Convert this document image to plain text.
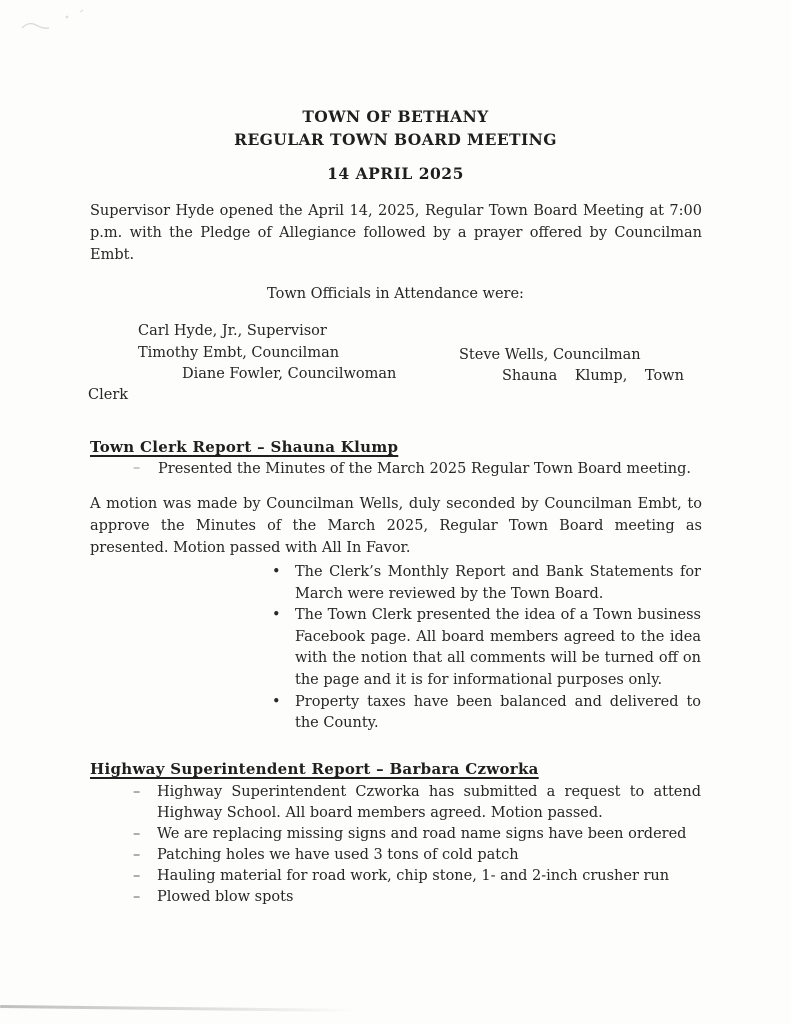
TOWN OF BETHANY
REGULAR TOWN BOARD MEETING
14 APRIL 2025

Supervisor Hyde opened the April 14, 2025, Regular Town Board Meeting at 7:00 p.m. with the Pledge of Allegiance followed by a prayer offered by Councilman Embt.

Town Officials in Attendance were:
Carl Hyde, Jr., Supervisor
Timothy Embt, Councilman	Steve Wells, Councilman
Diane Fowler, Councilwoman	Shauna Klump, Town
Clerk
Town Clerk Report – Shauna Klump
– Presented the Minutes of the March 2025 Regular Town Board meeting.

A motion was made by Councilman Wells, duly seconded by Councilman Embt, to approve the Minutes of the March 2025, Regular Town Board meeting as presented. Motion passed with All In Favor.

• The Clerk’s Monthly Report and Bank Statements for March were reviewed by the Town Board.
• The Town Clerk presented the idea of a Town business Facebook page. All board members agreed to the idea with the notion that all comments will be turned off on the page and it is for informational purposes only.
• Property taxes have been balanced and delivered to the County.
Highway Superintendent Report – Barbara Czworka
– Highway Superintendent Czworka has submitted a request to attend Highway School. All board members agreed. Motion passed.
– We are replacing missing signs and road name signs have been ordered
– Patching holes we have used 3 tons of cold patch
– Hauling material for road work, chip stone, 1- and 2-inch crusher run
– Plowed blow spots
